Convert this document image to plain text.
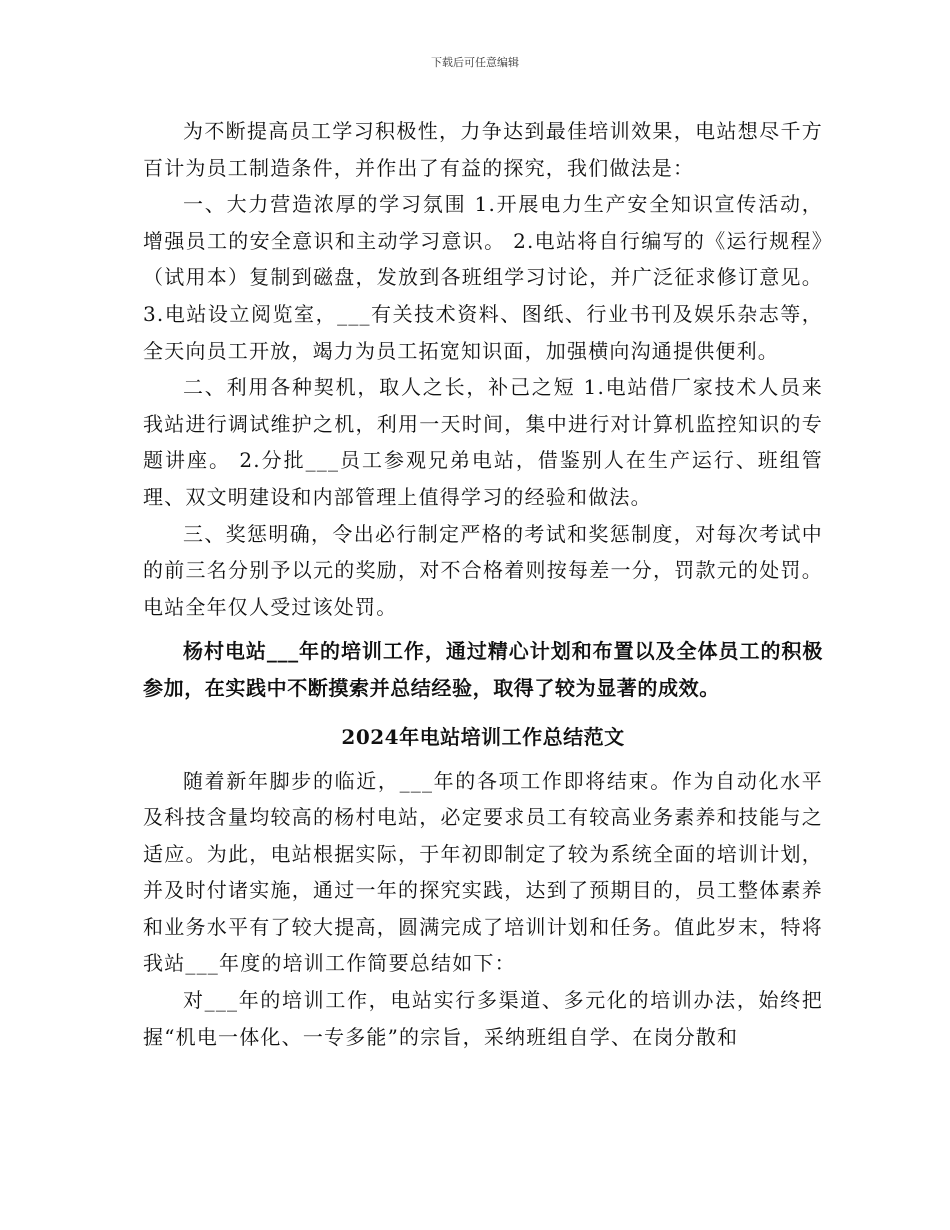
下载后可任意编辑

为不断提高员工学习积极性，力争达到最佳培训效果，电站想尽千方百计为员工制造条件，并作出了有益的探究，我们做法是：

一、大力营造浓厚的学习氛围 1.开展电力生产安全知识宣传活动，增强员工的安全意识和主动学习意识。 2.电站将自行编写的《运行规程》（试用本）复制到磁盘，发放到各班组学习讨论，并广泛征求修订意见。 3.电站设立阅览室，___有关技术资料、图纸、行业书刊及娱乐杂志等，全天向员工开放，竭力为员工拓宽知识面，加强横向沟通提供便利。

二、利用各种契机，取人之长，补己之短 1.电站借厂家技术人员来我站进行调试维护之机，利用一天时间，集中进行对计算机监控知识的专题讲座。 2.分批___员工参观兄弟电站，借鉴别人在生产运行、班组管理、双文明建设和内部管理上值得学习的经验和做法。

三、奖惩明确，令出必行制定严格的考试和奖惩制度，对每次考试中的前三名分别予以元的奖励，对不合格着则按每差一分，罚款元的处罚。电站全年仅人受过该处罚。

杨村电站___年的培训工作，通过精心计划和布置以及全体员工的积极参加，在实践中不断摸索并总结经验，取得了较为显著的成效。

2024年电站培训工作总结范文

随着新年脚步的临近，___年的各项工作即将结束。作为自动化水平及科技含量均较高的杨村电站，必定要求员工有较高业务素养和技能与之适应。为此，电站根据实际，于年初即制定了较为系统全面的培训计划，并及时付诸实施，通过一年的探究实践，达到了预期目的，员工整体素养和业务水平有了较大提高，圆满完成了培训计划和任务。值此岁末，特将我站___年度的培训工作简要总结如下：

对___年的培训工作，电站实行多渠道、多元化的培训办法，始终把握“机电一体化、一专多能”的宗旨，采纳班组自学、在岗分散和
